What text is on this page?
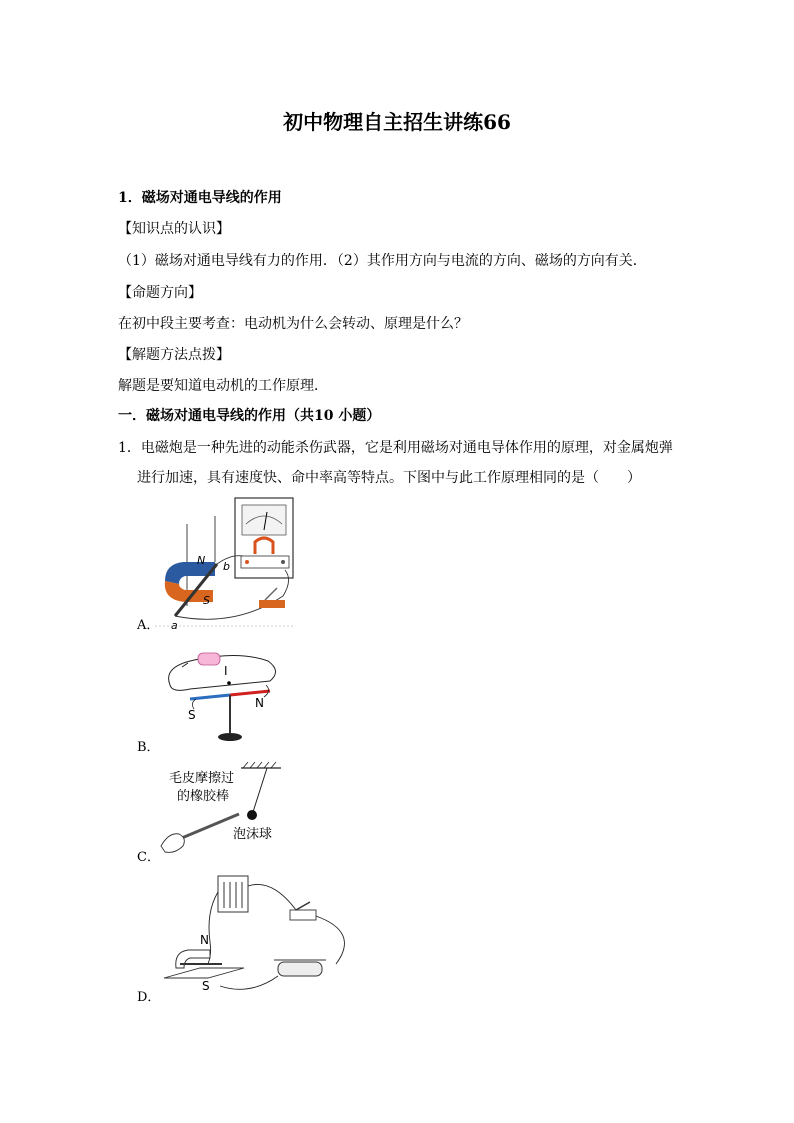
初中物理自主招生讲练66
1．磁场对通电导线的作用
【知识点的认识】
（1）磁场对通电导线有力的作用．（2）其作用方向与电流的方向、磁场的方向有关．
【命题方向】
在初中段主要考查：电动机为什么会转动、原理是什么？
【解题方法点拨】
解题是要知道电动机的工作原理．
一．磁场对通电导线的作用（共10 小题）
1．电磁炮是一种先进的动能杀伤武器，它是利用磁场对通电导体作用的原理，对金属炮弹
进行加速，具有速度快、命中率高等特点。下图中与此工作原理相同的是（　　）
N
S
a
b
A．
I
S
N
B．
毛皮摩擦过
的橡胶棒
泡沫球
C．
N
S
D．
